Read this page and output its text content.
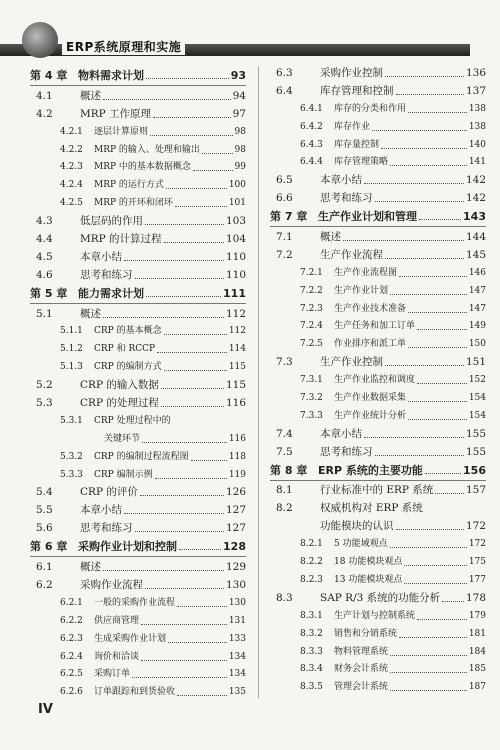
ERP系统原理和实施
第 4 章 物料需求计划	93
4.1	概述	94
4.2	MRP 工作原理	97
4.2.1	逐层计算原则	98
4.2.2	MRP 的输入、处理和输出	98
4.2.3	MRP 中的基本数据概念	99
4.2.4	MRP 的运行方式	100
4.2.5	MRP 的开环和闭环	101
4.3	低层码的作用	103
4.4	MRP 的计算过程	104
4.5	本章小结	110
4.6	思考和练习	110
第 5 章 能力需求计划	111
5.1	概述	112
5.1.1	CRP 的基本概念	112
5.1.2	CRP 和 RCCP	114
5.1.3	CRP 的编制方式	115
5.2	CRP 的输入数据	115
5.3	CRP 的处理过程	116
5.3.1	CRP 处理过程中的
关键环节	116
5.3.2	CRP 的编制过程流程图	118
5.3.3	CRP 编制示例	119
5.4	CRP 的评价	126
5.5	本章小结	127
5.6	思考和练习	127
第 6 章 采购作业计划和控制	128
6.1	概述	129
6.2	采购作业流程	130
6.2.1	一般的采购作业流程	130
6.2.2	供应商管理	131
6.2.3	生成采购作业计划	133
6.2.4	询价和洽谈	134
6.2.5	采购订单	134
6.2.6	订单跟踪和到货验收	135
6.3	采购作业控制	136
6.4	库存管理和控制	137
6.4.1	库存的分类和作用	138
6.4.2	库存作业	138
6.4.3	库存量控制	140
6.4.4	库存管理策略	141
6.5	本章小结	142
6.6	思考和练习	142
第 7 章 生产作业计划和管理	143
7.1	概述	144
7.2	生产作业流程	145
7.2.1	生产作业流程图	146
7.2.2	生产作业计划	147
7.2.3	生产作业技术准备	147
7.2.4	生产任务和加工订单	149
7.2.5	作业排序和派工单	150
7.3	生产作业控制	151
7.3.1	生产作业监控和调度	152
7.3.2	生产作业数据采集	154
7.3.3	生产作业统计分析	154
7.4	本章小结	155
7.5	思考和练习	155
第 8 章 ERP 系统的主要功能	156
8.1	行业标准中的 ERP 系统	157
8.2	权威机构对 ERP 系统
功能模块的认识	172
8.2.1	5 功能域观点	172
8.2.2	18 功能模块观点	175
8.2.3	13 功能模块观点	177
8.3	SAP R/3 系统的功能分析 178
8.3.1	生产计划与控制系统	179
8.3.2	销售和分销系统	181
8.3.3	物料管理系统	184
8.3.4	财务会计系统	185
8.3.5	管理会计系统	187
IV
